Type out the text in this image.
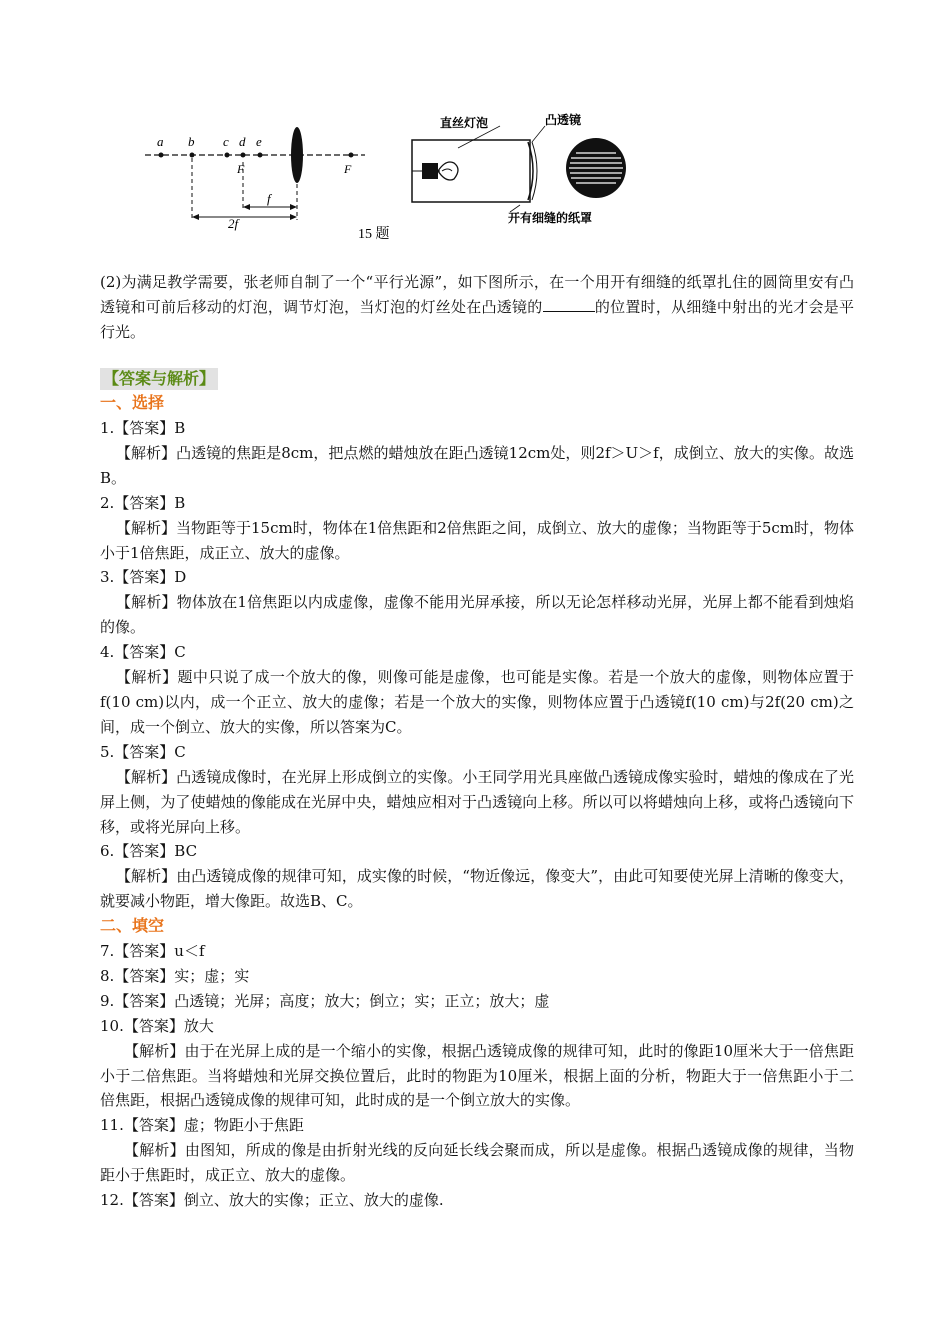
a b c d e
F	F
f
2f
直丝灯泡	凸透镜
开有细缝的纸罩
15 题

(2)为满足教学需要，张老师自制了一个“平行光源”，如下图所示，在一个用开有细缝的纸罩扎住的圆筒里安有凸透镜和可前后移动的灯泡，调节灯泡，当灯泡的灯丝处在凸透镜的	的位置时，从细缝中射出的光才会是平行光。

【答案与解析】
一、选择

1.【答案】B

【解析】凸透镜的焦距是8cm，把点燃的蜡烛放在距凸透镜12cm处，则2f＞U＞f，成倒立、放大的实像。故选B。

2.【答案】B

【解析】当物距等于15cm时，物体在1倍焦距和2倍焦距之间，成倒立、放大的虚像；当物距等于5cm时，物体小于1倍焦距，成正立、放大的虚像。

3.【答案】D

【解析】物体放在1倍焦距以内成虚像，虚像不能用光屏承接，所以无论怎样移动光屏，光屏上都不能看到烛焰的像。

4.【答案】C

【解析】题中只说了成一个放大的像，则像可能是虚像，也可能是实像。若是一个放大的虚像，则物体应置于f(10 cm)以内，成一个正立、放大的虚像；若是一个放大的实像，则物体应置于凸透镜f(10 cm)与2f(20 cm)之间，成一个倒立、放大的实像，所以答案为C。

5.【答案】C

【解析】凸透镜成像时，在光屏上形成倒立的实像。小王同学用光具座做凸透镜成像实验时，蜡烛的像成在了光屏上侧，为了使蜡烛的像能成在光屏中央，蜡烛应相对于凸透镜向上移。所以可以将蜡烛向上移，或将凸透镜向下移，或将光屏向上移。

6.【答案】BC

【解析】由凸透镜成像的规律可知，成实像的时候，“物近像远，像变大”，由此可知要使光屏上清晰的像变大，就要减小物距，增大像距。故选B、C。

二、填空

7.【答案】u＜f

8.【答案】实；虚；实

9.【答案】凸透镜；光屏；高度；放大；倒立；实；正立；放大；虚

10.【答案】放大

【解析】由于在光屏上成的是一个缩小的实像，根据凸透镜成像的规律可知，此时的像距10厘米大于一倍焦距小于二倍焦距。当将蜡烛和光屏交换位置后，此时的物距为10厘米，根据上面的分析，物距大于一倍焦距小于二倍焦距，根据凸透镜成像的规律可知，此时成的是一个倒立放大的实像。

11.【答案】虚；物距小于焦距

【解析】由图知，所成的像是由折射光线的反向延长线会聚而成，所以是虚像。根据凸透镜成像的规律，当物距小于焦距时，成正立、放大的虚像。

12.【答案】倒立、放大的实像；正立、放大的虚像.
